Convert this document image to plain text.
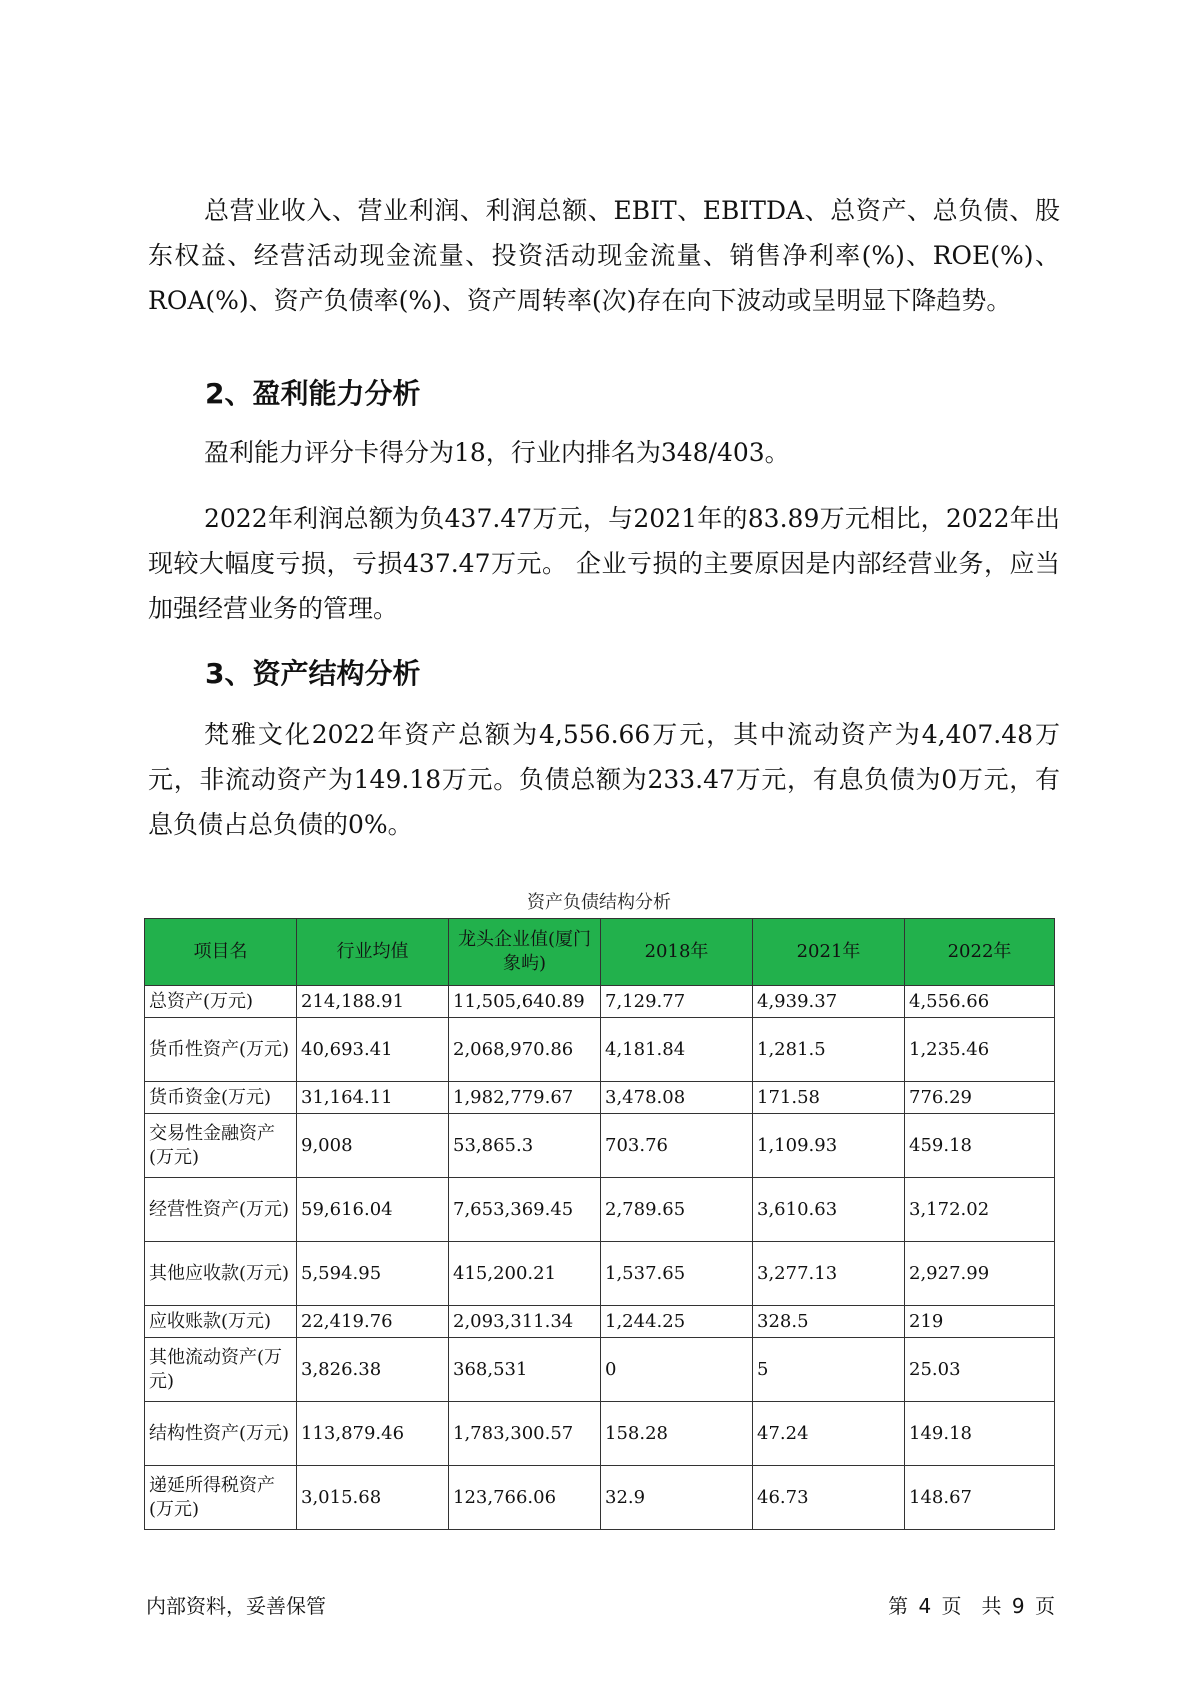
总营业收入、营业利润、利润总额、EBIT、EBITDA、总资产、总负债、股东权益、经营活动现金流量、投资活动现金流量、销售净利率(%)、ROE(%)、ROA(%)、资产负债率(%)、资产周转率(次)存在向下波动或呈明显下降趋势。

2、盈利能力分析

盈利能力评分卡得分为18，行业内排名为348/403。

2022年利润总额为负437.47万元，与2021年的83.89万元相比，2022年出现较大幅度亏损，亏损437.47万元。 企业亏损的主要原因是内部经营业务，应当加强经营业务的管理。

3、资产结构分析

梵雅文化2022年资产总额为4,556.66万元，其中流动资产为4,407.48万元，非流动资产为149.18万元。负债总额为233.47万元，有息负债为0万元，有息负债占总负债的0%。

资产负债结构分析
项目名	行业均值	龙头企业值(厦门象屿)	2018年	2021年	2022年
总资产(万元)	214,188.91	11,505,640.89	7,129.77	4,939.37	4,556.66
货币性资产(万元)	40,693.41	2,068,970.86	4,181.84	1,281.5	1,235.46
货币资金(万元)	31,164.11	1,982,779.67	3,478.08	171.58	776.29
交易性金融资产(万元)	9,008	53,865.3	703.76	1,109.93	459.18
经营性资产(万元)	59,616.04	7,653,369.45	2,789.65	3,610.63	3,172.02
其他应收款(万元)	5,594.95	415,200.21	1,537.65	3,277.13	2,927.99
应收账款(万元)	22,419.76	2,093,311.34	1,244.25	328.5	219
其他流动资产(万元)	3,826.38	368,531	0	5	25.03
结构性资产(万元)	113,879.46	1,783,300.57	158.28	47.24	149.18
递延所得税资产(万元)	3,015.68	123,766.06	32.9	46.73	148.67
内部资料，妥善保管	第 4 页　共 9 页
